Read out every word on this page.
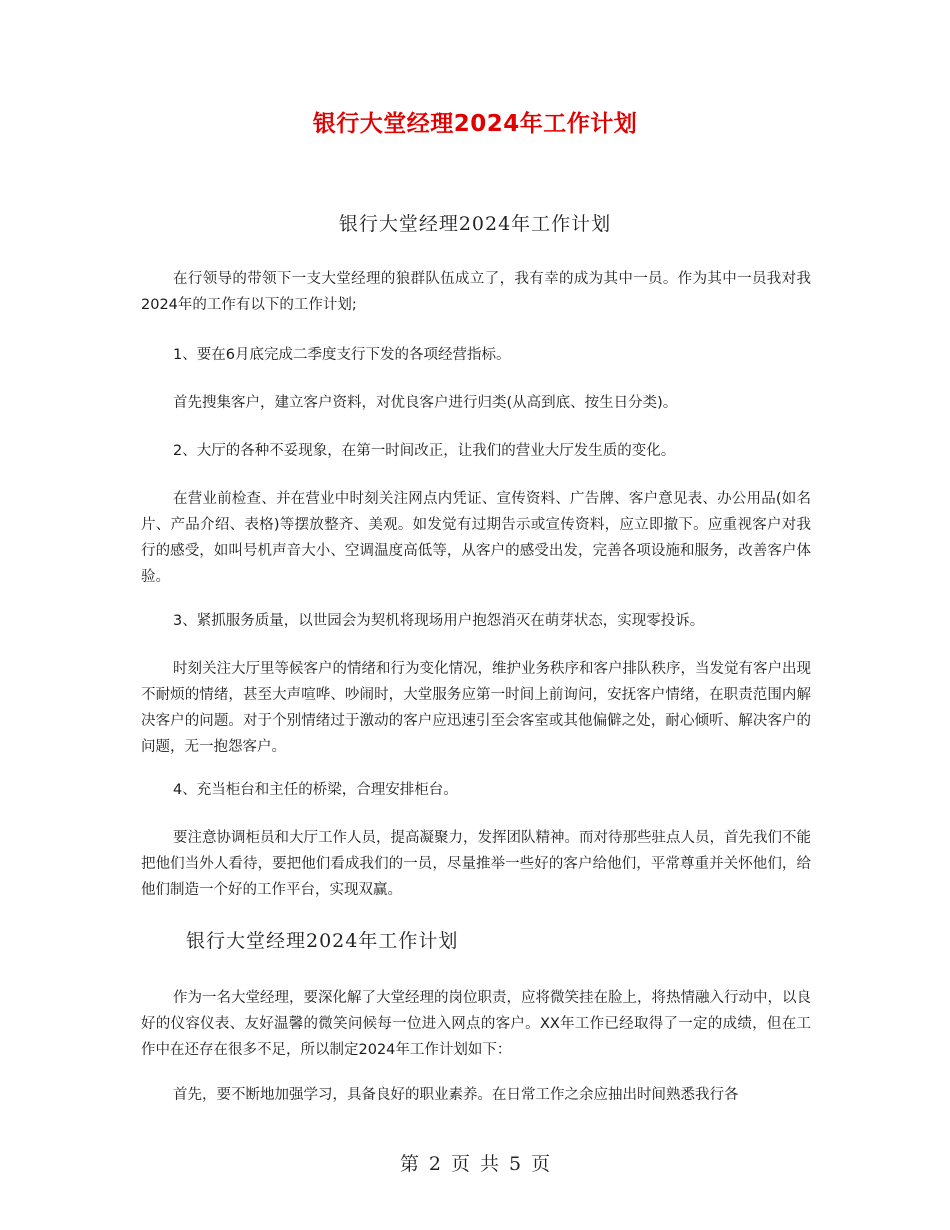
银行大堂经理2024年工作计划
银行大堂经理2024年工作计划
在行领导的带领下一支大堂经理的狼群队伍成立了，我有幸的成为其中一员。作为其中一员我对我2024年的工作有以下的工作计划;
1、要在6月底完成二季度支行下发的各项经营指标。
首先搜集客户，建立客户资料，对优良客户进行归类(从高到底、按生日分类)。
2、大厅的各种不妥现象，在第一时间改正，让我们的营业大厅发生质的变化。
在营业前检查、并在营业中时刻关注网点内凭证、宣传资料、广告牌、客户意见表、办公用品(如名片、产品介绍、表格)等摆放整齐、美观。如发觉有过期告示或宣传资料，应立即撤下。应重视客户对我行的感受，如叫号机声音大小、空调温度高低等，从客户的感受出发，完善各项设施和服务，改善客户体验。
3、紧抓服务质量，以世园会为契机将现场用户抱怨消灭在萌芽状态，实现零投诉。
时刻关注大厅里等候客户的情绪和行为变化情况，维护业务秩序和客户排队秩序，当发觉有客户出现不耐烦的情绪，甚至大声喧哗、吵闹时，大堂服务应第一时间上前询问，安抚客户情绪，在职责范围内解决客户的问题。对于个别情绪过于激动的客户应迅速引至会客室或其他偏僻之处，耐心倾听、解决客户的问题，无一抱怨客户。
4、充当柜台和主任的桥梁，合理安排柜台。
要注意协调柜员和大厅工作人员，提高凝聚力，发挥团队精神。而对待那些驻点人员，首先我们不能把他们当外人看待，要把他们看成我们的一员，尽量推举一些好的客户给他们，平常尊重并关怀他们，给他们制造一个好的工作平台，实现双赢。
银行大堂经理2024年工作计划
作为一名大堂经理，要深化解了大堂经理的岗位职责，应将微笑挂在脸上，将热情融入行动中，以良好的仪容仪表、友好温馨的微笑问候每一位进入网点的客户。XX年工作已经取得了一定的成绩，但在工作中在还存在很多不足，所以制定2024年工作计划如下：
首先，要不断地加强学习，具备良好的职业素养。在日常工作之余应抽出时间熟悉我行各
第 2 页 共 5 页
